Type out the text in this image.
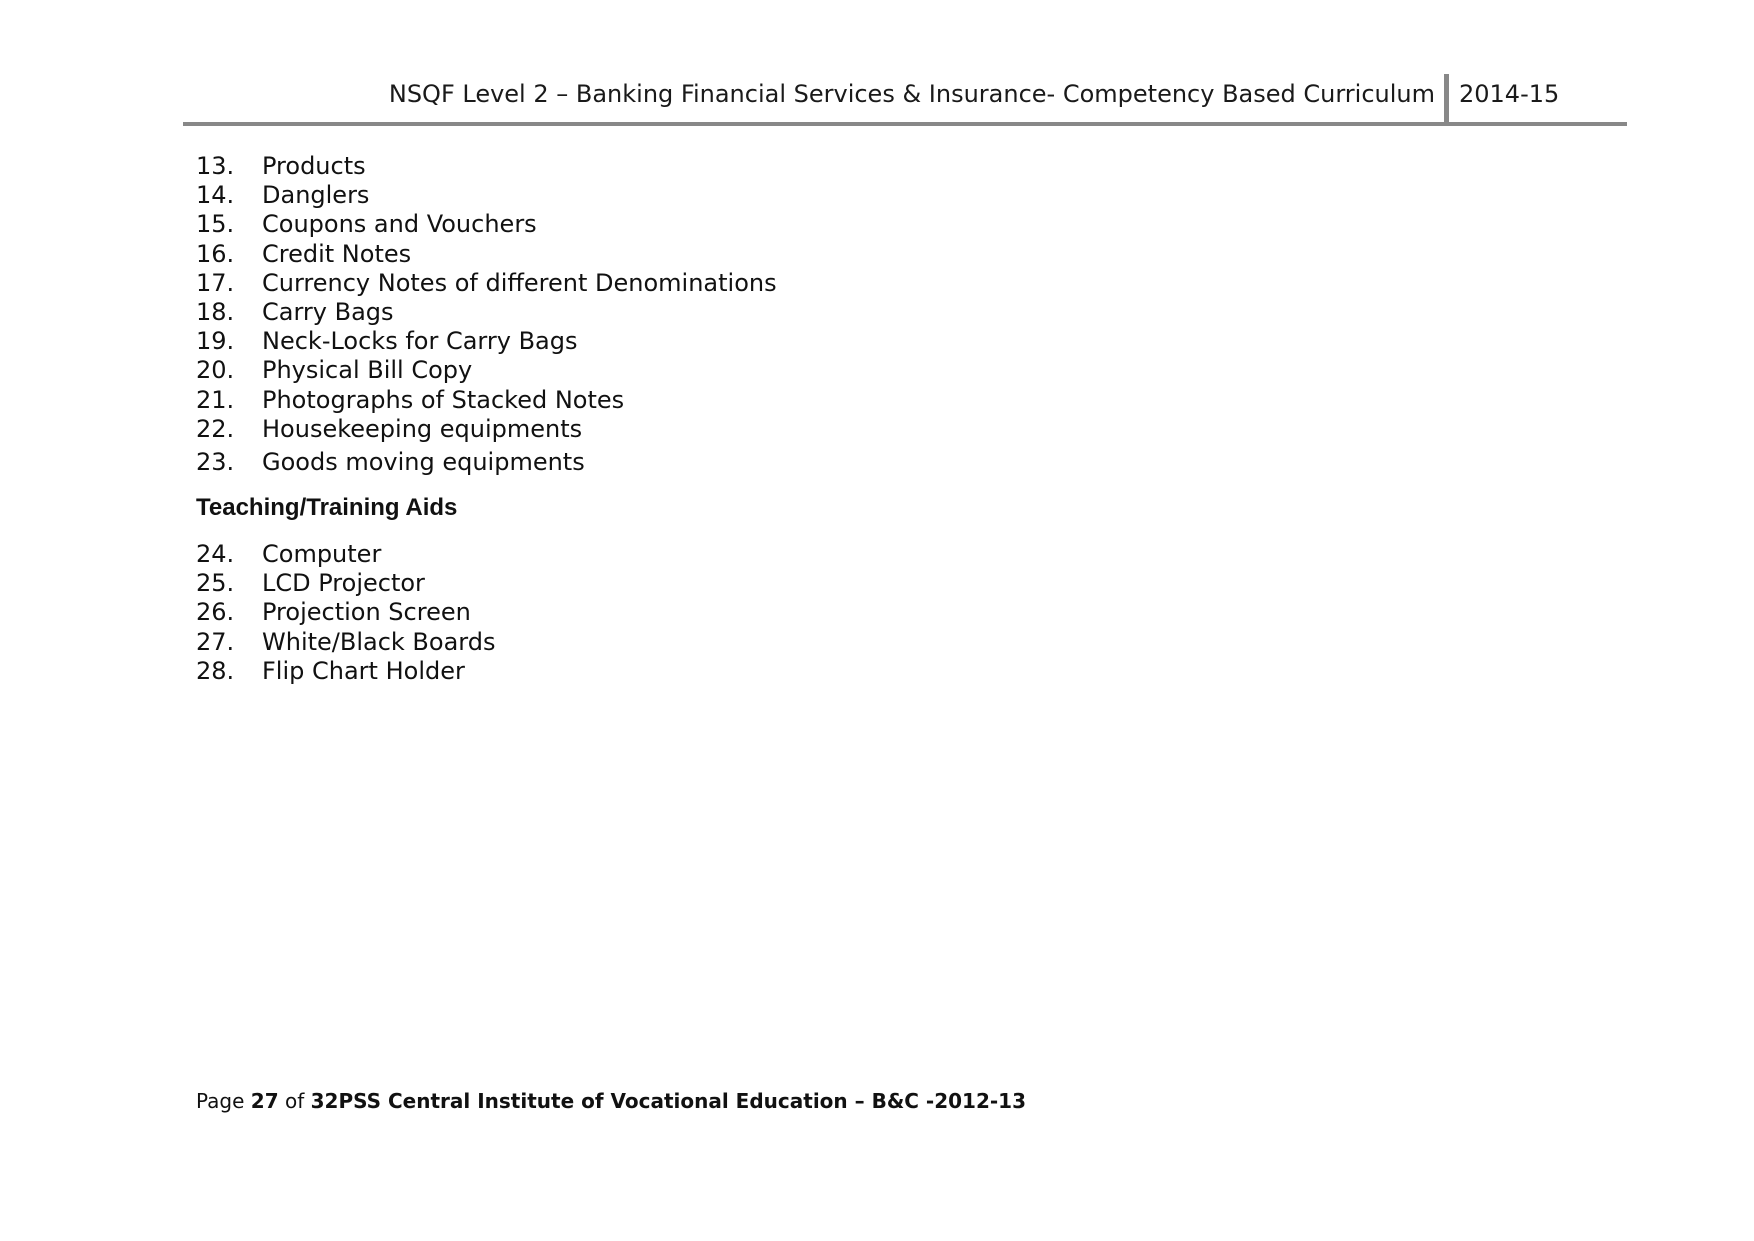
NSQF Level 2 – Banking Financial Services & Insurance- Competency Based Curriculum 2014-15
13. Products
14. Danglers
15. Coupons and Vouchers
16. Credit Notes
17. Currency Notes of different Denominations
18. Carry Bags
19. Neck-Locks for Carry Bags
20. Physical Bill Copy
21. Photographs of Stacked Notes
22. Housekeeping equipments
23. Goods moving equipments
Teaching/Training Aids
24. Computer
25. LCD Projector
26. Projection Screen
27. White/Black Boards
28. Flip Chart Holder
Page 27 of 32PSS Central Institute of Vocational Education – B&C -2012-13
